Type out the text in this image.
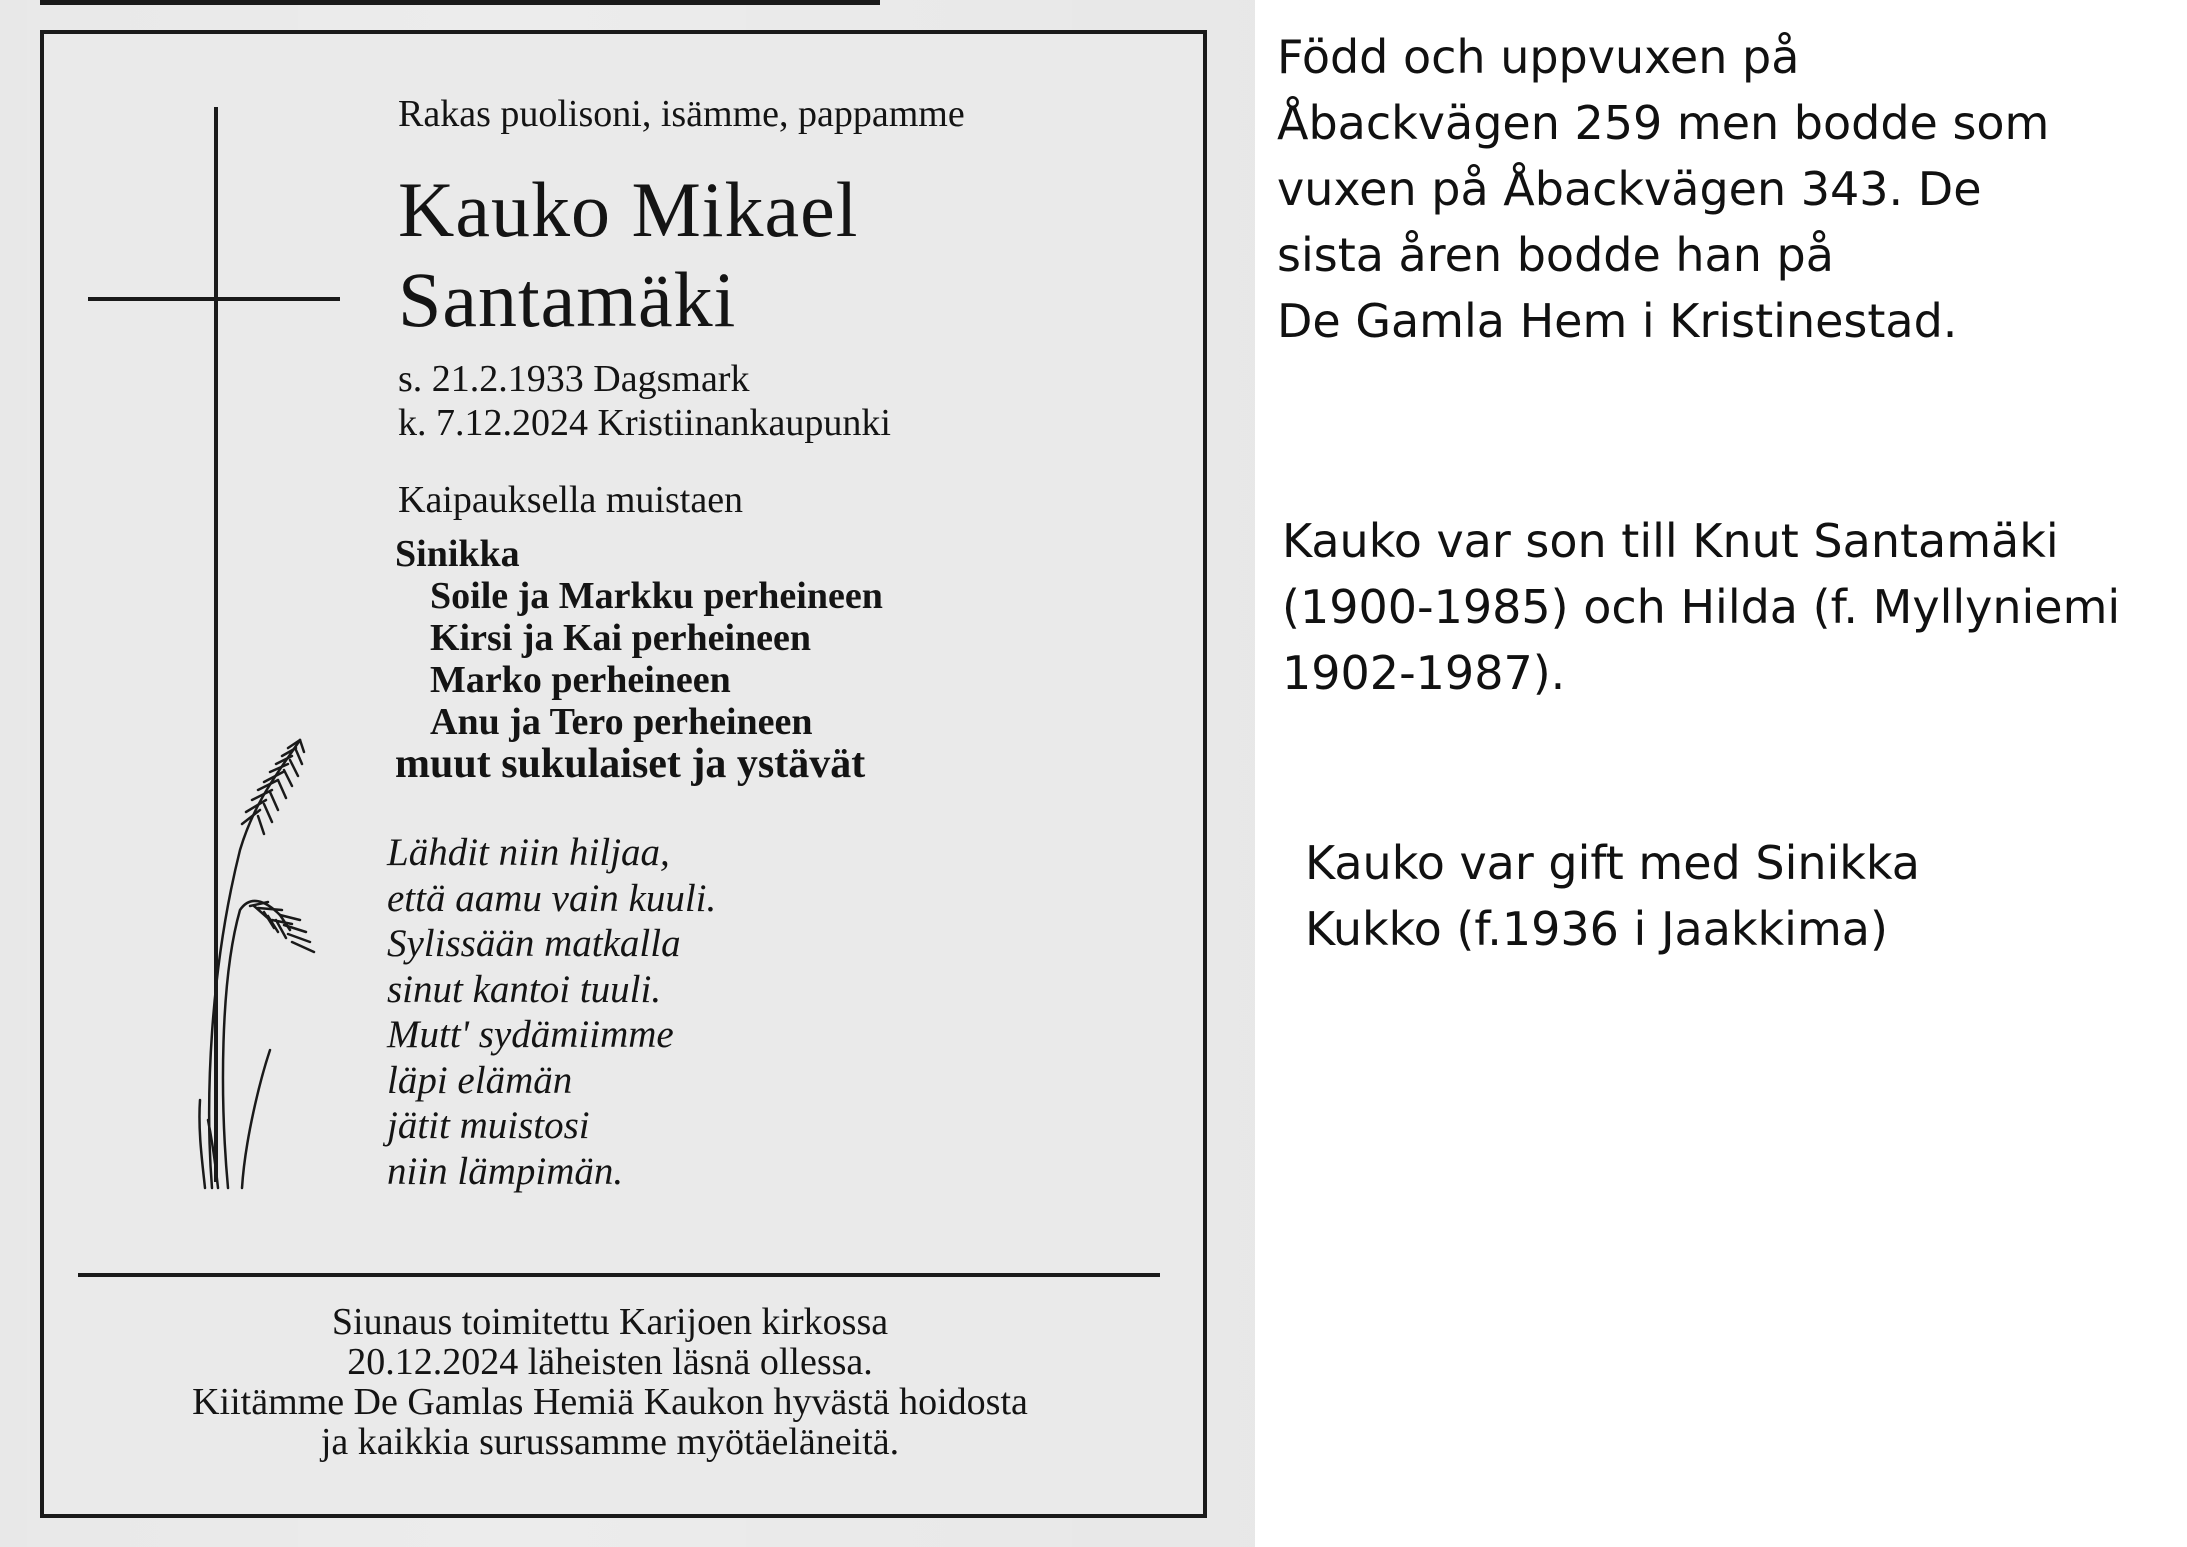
Rakas puolisoni, isämme, pappamme

Kauko Mikael
Santamäki
s. 21.2.1933 Dagsmark
k. 7.12.2024 Kristiinankaupunki

Kaipauksella muistaen

Sinikka
Soile ja Markku perheineen
Kirsi ja Kai perheineen
Marko perheineen
Anu ja Tero perheineen
muut sukulaiset ja ystävät
Lähdit niin hiljaa,
että aamu vain kuuli.
Sylissään matkalla
sinut kantoi tuuli.
Mutt' sydämiimme
läpi elämän
jätit muistosi
niin lämpimän.
Siunaus toimitettu Karijoen kirkossa
20.12.2024 läheisten läsnä ollessa.
Kiitämme De Gamlas Hemiä Kaukon hyvästä hoidosta
ja kaikkia surussamme myötäeläneitä.
Född och uppvuxen på
Åbackvägen 259 men bodde som
vuxen på Åbackvägen 343. De
sista åren bodde han på
De Gamla Hem i Kristinestad.
Kauko var son till Knut Santamäki
(1900-1985) och Hilda (f. Myllyniemi
1902-1987).
Kauko var gift med Sinikka
Kukko (f.1936 i Jaakkima)
